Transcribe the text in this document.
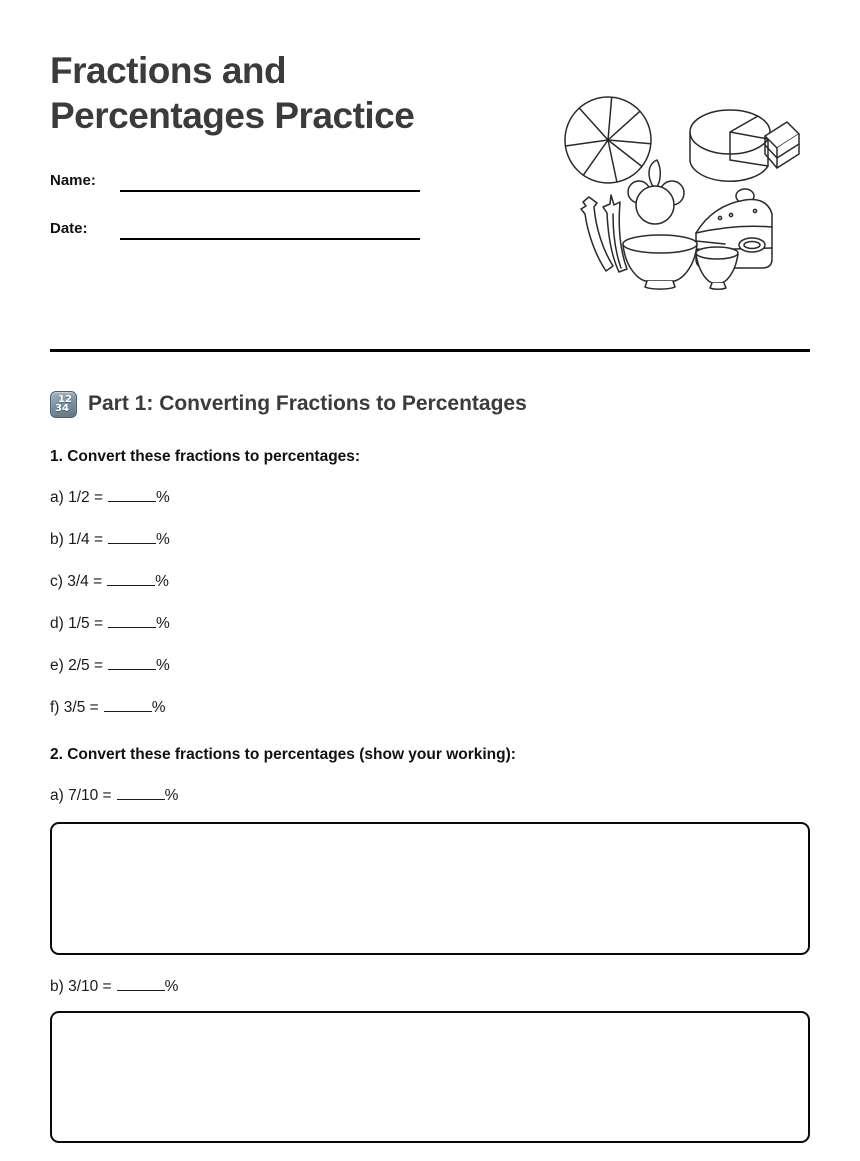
Fractions and Percentages Practice
Name:
Date:
12
34 Part 1: Converting Fractions to Percentages

1. Convert these fractions to percentages:

a) 1/2 =	%

b) 1/4 =	%

c) 3/4 =	%

d) 1/5 =	%

e) 2/5 =	%

f) 3/5 =	%

2. Convert these fractions to percentages (show your working):

a) 7/10 =	%

b) 3/10 =	%
